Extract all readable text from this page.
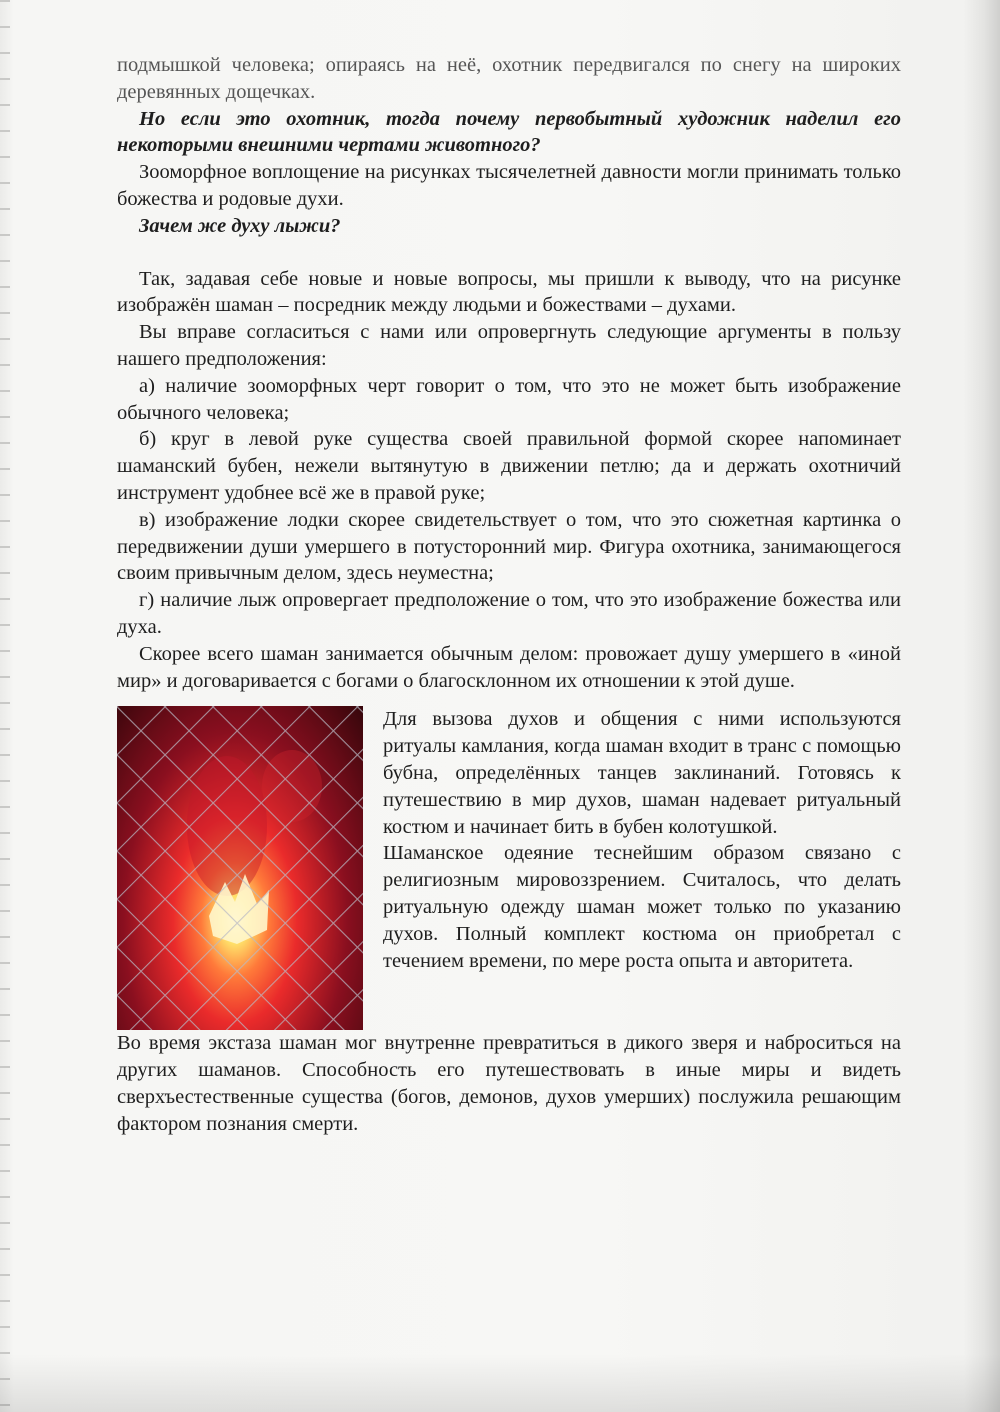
подмышкой человека; опираясь на неё, охотник передвигался по снегу на широких деревянных дощечках.

Но если это охотник, тогда почему первобытный художник наделил его некоторыми внешними чертами животного?

Зооморфное воплощение на рисунках тысячелетней давности могли принимать только божества и родовые духи.

Зачем же духу лыжи?

Так, задавая себе новые и новые вопросы, мы пришли к выводу, что на рисунке изображён шаман – посредник между людьми и божествами – духами.

Вы вправе согласиться с нами или опровергнуть следующие аргументы в пользу нашего предположения:

а) наличие зооморфных черт говорит о том, что это не может быть изображение обычного человека;

б) круг в левой руке существа своей правильной формой скорее напоминает шаманский бубен, нежели вытянутую в движении петлю; да и держать охотничий инструмент удобнее всё же в правой руке;

в) изображение лодки скорее свидетельствует о том, что это сюжетная картинка о передвижении души умершего в потусторонний мир. Фигура охотника, занимающегося своим привычным делом, здесь неуместна;

г) наличие лыж опровергает предположение о том, что это изображение божества или духа.

Скорее всего шаман занимается обычным делом: провожает душу умершего в «иной мир» и договаривается с богами о благосклонном их отношении к этой душе.

Для вызова духов и общения с ними используются ритуалы камлания, когда шаман входит в транс с помощью бубна, определённых танцев заклинаний. Готовясь к путешествию в мир духов, шаман надевает ритуальный костюм и начинает бить в бубен колотушкой.

Шаманское одеяние теснейшим образом связано с религиозным мировоззрением. Считалось, что делать ритуальную одежду шаман может только по указанию духов. Полный комплект костюма он приобретал с течением времени, по мере роста опыта и авторитета.

Во время экстаза шаман мог внутренне превратиться в дикого зверя и наброситься на других шаманов. Способность его путешествовать в иные миры и видеть сверхъестественные существа (богов, демонов, духов умерших) послужила решающим фактором познания смерти.
